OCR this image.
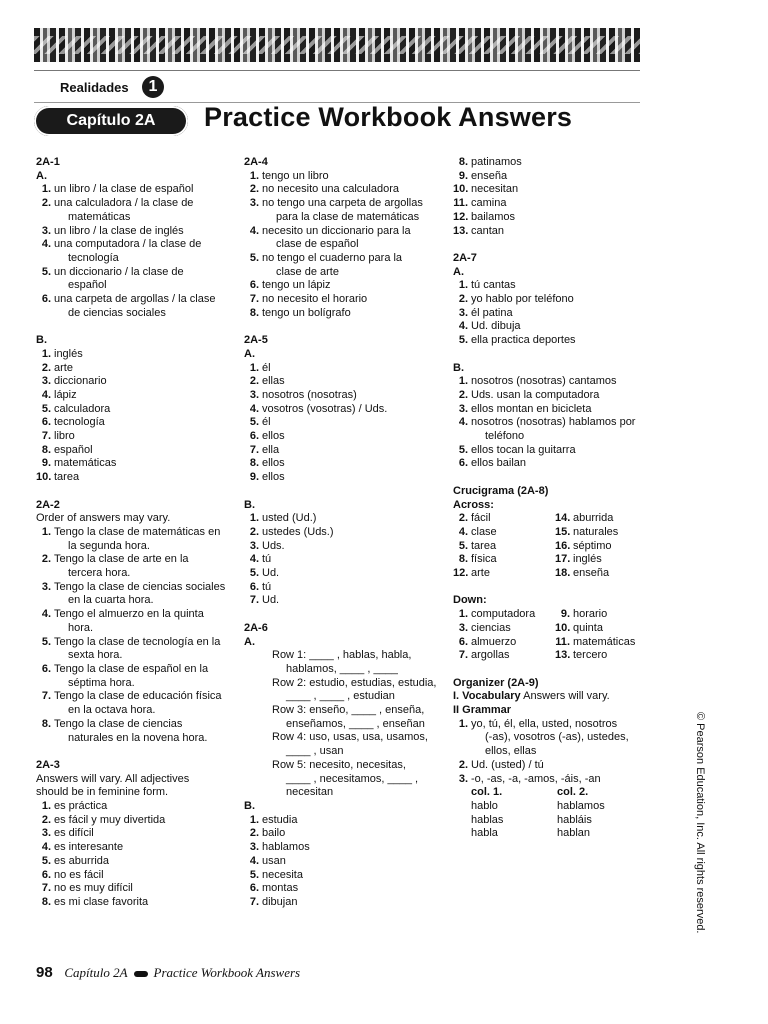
Realidades	1
Capítulo 2A	Practice Workbook Answers
2A-1
A.
1 . un libro / la clase de español
2 . una calculadora / la clase de
matemáticas
3 . un libro / la clase de inglés
4 . una computadora / la clase de
tecnología
5 . un diccionario / la clase de
español
6 . una carpeta de argollas / la clase
de ciencias sociales
B.
1 . inglés
2 . arte
3 . diccionario
4 . lápiz
5 . calculadora
6 . tecnología
7 . libro
8 . español
9 . matemáticas
10 . tarea
2A-2
Order of answers may vary.
1 . Tengo la clase de matemáticas en
la segunda hora.
2 . Tengo la clase de arte en la
tercera hora.
3 . Tengo la clase de ciencias sociales
en la cuarta hora.
4 . Tengo el almuerzo en la quinta
hora.
5 . Tengo la clase de tecnología en la
sexta hora.
6 . Tengo la clase de español en la
séptima hora.
7 . Tengo la clase de educación física
en la octava hora.
8 . Tengo la clase de ciencias
naturales en la novena hora.
2A-3
Answers will vary. All adjectives
should be in feminine form.
1 . es práctica
2 . es fácil y muy divertida
3 . es difícil
4 . es interesante
5 . es aburrida
6 . no es fácil
7 . no es muy difícil
8 . es mi clase favorita
2A-4
1 . tengo un libro
2 . no necesito una calculadora
3 . no tengo una carpeta de argollas
para la clase de matemáticas
4 . necesito un diccionario para la
clase de español
5 . no tengo el cuaderno para la
clase de arte
6 . tengo un lápiz
7 . no necesito el horario
8 . tengo un bolígrafo
2A-5
A.
1 . él
2 . ellas
3 . nosotros (nosotras)
4 . vosotros (vosotras) / Uds.
5 . él
6 . ellos
7 . ella
8 . ellos
9 . ellos
B.
1 . usted (Ud.)
2 . ustedes (Uds.)
3 . Uds.
4 . tú
5 . Ud.
6 . tú
7 . Ud.
2A-6
A.
Row 1: ____ , hablas, habla,
hablamos, ____ , ____
Row 2: estudio, estudias, estudia,
____ , ____ , estudian
Row 3: enseño, ____ , enseña,
enseñamos, ____ , enseñan
Row 4: uso, usas, usa, usamos,
____ , usan
Row 5: necesito, necesitas,
____ , necesitamos, ____ ,
necesitan
B.
1 . estudia
2 . bailo
3 . hablamos
4 . usan
5 . necesita
6 . montas
7 . dibujan
8 . patinamos
9 . enseña
10 . necesitan
11 . camina
12 . bailamos
13 . cantan
2A-7
A.
1 . tú cantas
2 . yo hablo por teléfono
3 . él patina
4 . Ud. dibuja
5 . ella practica deportes
B.
1 . nosotros (nosotras) cantamos
2 . Uds. usan la computadora
3 . ellos montan en bicicleta
4 . nosotros (nosotras) hablamos por
teléfono
5 . ellos tocan la guitarra
6 . ellos bailan
Crucigrama (2A-8)
Across:
2 . fácil	14 . aburrida
4 . clase	15 . naturales
5 . tarea	16 . séptimo
8 . física	17 . inglés
12 . arte	18 . enseña
Down:
1 . computadora	9 . horario
3 . ciencias	10 . quinta
6 . almuerzo	11 . matemáticas
7 . argollas	13 . tercero
Organizer (2A-9)
I. Vocabulary Answers will vary.
II Grammar
1 . yo, tú, él, ella, usted, nosotros
(-as), vosotros (-as), ustedes,
ellos, ellas
2 . Ud. (usted) / tú
3 . -o, -as, -a, -amos, -áis, -an
col. 1.	col. 2.
hablo	hablamos
hablas	habláis
habla	hablan
98 Capítulo 2A Practice Workbook Answers
© Pearson Education, Inc. All rights reserved.
